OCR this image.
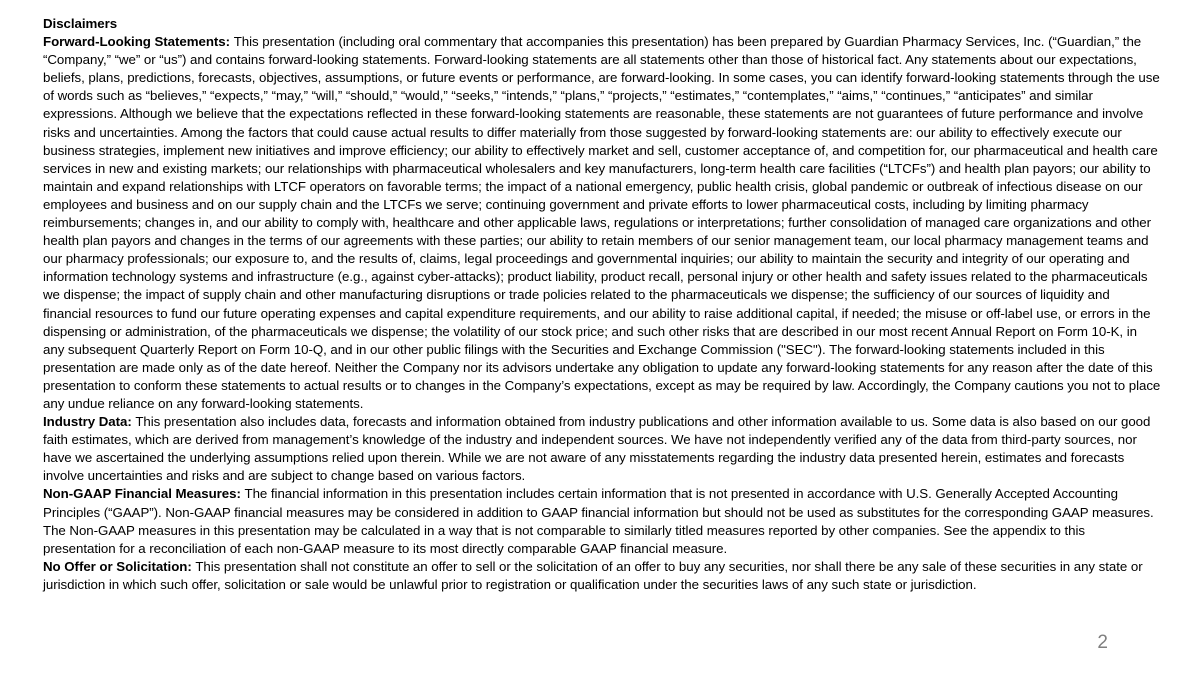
Disclaimers

Forward-Looking Statements: This presentation (including oral commentary that accompanies this presentation) has been prepared by Guardian Pharmacy Services, Inc. (“Guardian,” the “Company,” “we” or “us”) and contains forward-looking statements. Forward-looking statements are all statements other than those of historical fact. Any statements about our expectations, beliefs, plans, predictions, forecasts, objectives, assumptions, or future events or performance, are forward-looking. In some cases, you can identify forward-looking statements through the use of words such as “believes,” “expects,” “may,” “will,” “should,” “would,” “seeks,” “intends,” “plans,” “projects,” “estimates,” “contemplates,” “aims,” “continues,” “anticipates” and similar expressions. Although we believe that the expectations reflected in these forward-looking statements are reasonable, these statements are not guarantees of future performance and involve risks and uncertainties. Among the factors that could cause actual results to differ materially from those suggested by forward-looking statements are: our ability to effectively execute our business strategies, implement new initiatives and improve efficiency; our ability to effectively market and sell, customer acceptance of, and competition for, our pharmaceutical and health care services in new and existing markets; our relationships with pharmaceutical wholesalers and key manufacturers, long-term health care facilities (“LTCFs”) and health plan payors; our ability to maintain and expand relationships with LTCF operators on favorable terms; the impact of a national emergency, public health crisis, global pandemic or outbreak of infectious disease on our employees and business and on our supply chain and the LTCFs we serve; continuing government and private efforts to lower pharmaceutical costs, including by limiting pharmacy reimbursements; changes in, and our ability to comply with, healthcare and other applicable laws, regulations or interpretations; further consolidation of managed care organizations and other health plan payors and changes in the terms of our agreements with these parties; our ability to retain members of our senior management team, our local pharmacy management teams and our pharmacy professionals; our exposure to, and the results of, claims, legal proceedings and governmental inquiries; our ability to maintain the security and integrity of our operating and information technology systems and infrastructure (e.g., against cyber-attacks); product liability, product recall, personal injury or other health and safety issues related to the pharmaceuticals we dispense; the impact of supply chain and other manufacturing disruptions or trade policies related to the pharmaceuticals we dispense; the sufficiency of our sources of liquidity and financial resources to fund our future operating expenses and capital expenditure requirements, and our ability to raise additional capital, if needed; the misuse or off-label use, or errors in the dispensing or administration, of the pharmaceuticals we dispense; the volatility of our stock price; and such other risks that are described in our most recent Annual Report on Form 10-K, in any subsequent Quarterly Report on Form 10-Q, and in our other public filings with the Securities and Exchange Commission ("SEC"). The forward-looking statements included in this presentation are made only as of the date hereof. Neither the Company nor its advisors undertake any obligation to update any forward-looking statements for any reason after the date of this presentation to conform these statements to actual results or to changes in the Company’s expectations, except as may be required by law. Accordingly, the Company cautions you not to place any undue reliance on any forward-looking statements.

Industry Data: This presentation also includes data, forecasts and information obtained from industry publications and other information available to us. Some data is also based on our good faith estimates, which are derived from management’s knowledge of the industry and independent sources. We have not independently verified any of the data from third-party sources, nor have we ascertained the underlying assumptions relied upon therein. While we are not aware of any misstatements regarding the industry data presented herein, estimates and forecasts involve uncertainties and risks and are subject to change based on various factors.

Non-GAAP Financial Measures: The financial information in this presentation includes certain information that is not presented in accordance with U.S. Generally Accepted Accounting Principles (“GAAP”). Non-GAAP financial measures may be considered in addition to GAAP financial information but should not be used as substitutes for the corresponding GAAP measures. The Non-GAAP measures in this presentation may be calculated in a way that is not comparable to similarly titled measures reported by other companies. See the appendix to this presentation for a reconciliation of each non-GAAP measure to its most directly comparable GAAP financial measure.

No Offer or Solicitation: This presentation shall not constitute an offer to sell or the solicitation of an offer to buy any securities, nor shall there be any sale of these securities in any state or jurisdiction in which such offer, solicitation or sale would be unlawful prior to registration or qualification under the securities laws of any such state or jurisdiction.

2
